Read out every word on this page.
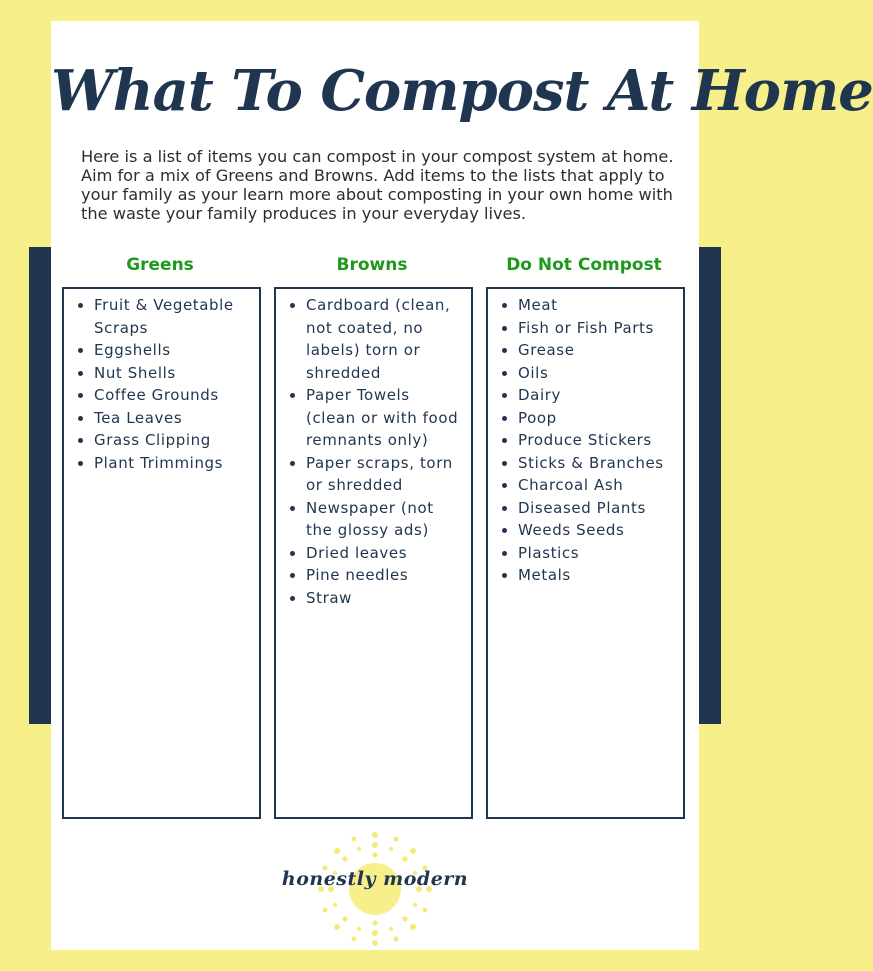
What To Compost At Home

Here is a list of items you can compost in your compost system at home. Aim for a mix of Greens and Browns. Add items to the lists that apply to your family as your learn more about composting in your own home with the waste your family produces in your everyday lives.

Greens	Browns	Do Not Compost
• Fruit & Vegetable Scraps
• Eggshells
• Nut Shells
• Coffee Grounds
• Tea Leaves
• Grass Clipping
• Plant Trimmings
• Cardboard (clean, not coated, no labels) torn or shredded
• Paper Towels (clean or with food remnants only)
• Paper scraps, torn or shredded
• Newspaper (not the glossy ads)
• Dried leaves
• Pine needles
• Straw
• Meat
• Fish or Fish Parts
• Grease
• Oils
• Dairy
• Poop
• Produce Stickers
• Sticks & Branches
• Charcoal Ash
• Diseased Plants
• Weeds Seeds
• Plastics
• Metals

honestly modern
